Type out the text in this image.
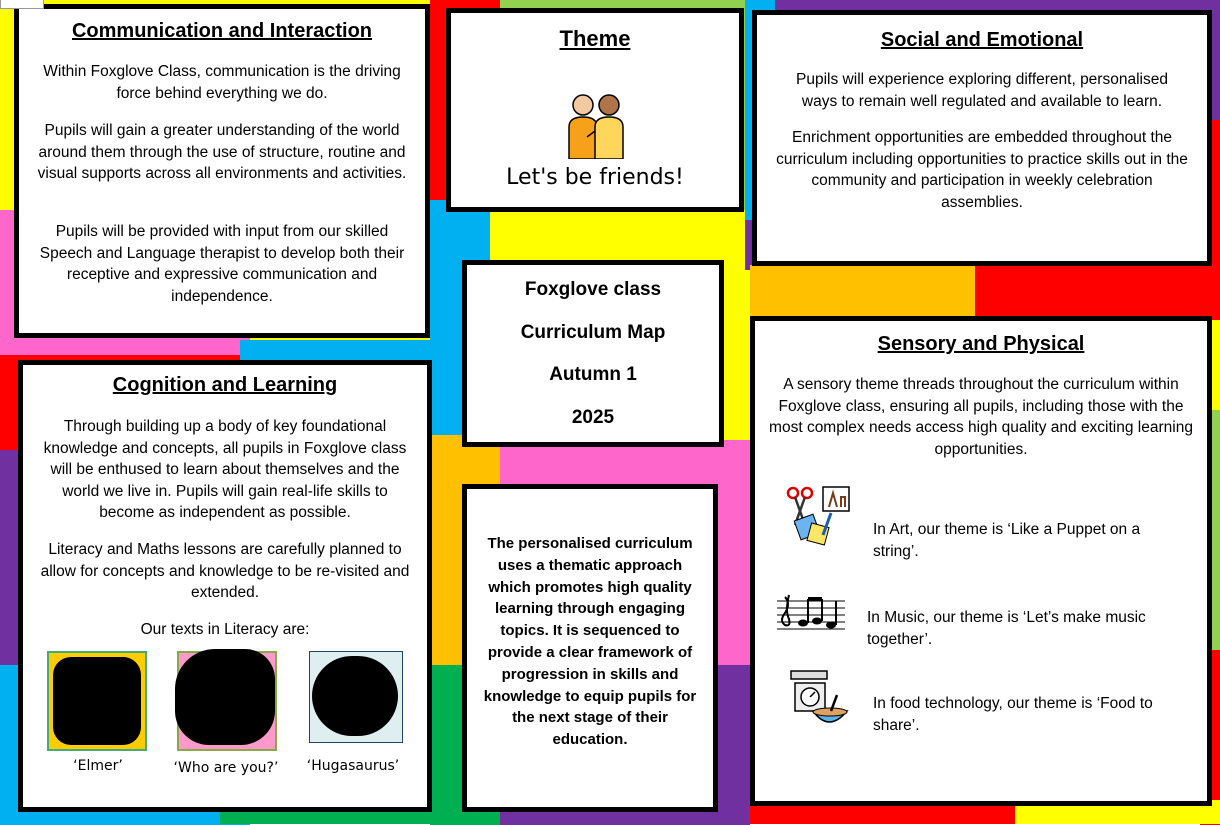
Communication and Interaction

Within Foxglove Class, communication is the driving force behind everything we do.

Pupils will gain a greater understanding of the world around them through the use of structure, routine and visual supports across all environments and activities.

Pupils will be provided with input from our skilled Speech and Language therapist to develop both their receptive and expressive communication and independence.

Theme

Let's be friends!

Social and Emotional

Pupils will experience exploring different, personalised ways to remain well regulated and available to learn.

Enrichment opportunities are embedded throughout the curriculum including opportunities to practice skills out in the community and participation in weekly celebration assemblies.

Foxglove class
Curriculum Map
Autumn 1
2025

Sensory and Physical

A sensory theme threads throughout the curriculum within Foxglove class, ensuring all pupils, including those with the most complex needs access high quality and exciting learning opportunities.

In Art, our theme is ‘Like a Puppet on a string’.
In Music, our theme is ‘Let’s make music together’.
In food technology, our theme is ‘Food to share’.

Cognition and Learning

Through building up a body of key foundational knowledge and concepts, all pupils in Foxglove class will be enthused to learn about themselves and the world we live in. Pupils will gain real-life skills to become as independent as possible.

Literacy and Maths lessons are carefully planned to allow for concepts and knowledge to be re-visited and extended.

Our texts in Literacy are:

‘Elmer’	‘Who are you?’	‘Hugasaurus’

The personalised curriculum uses a thematic approach which promotes high quality learning through engaging topics. It is sequenced to provide a clear framework of progression in skills and knowledge to equip pupils for the next stage of their education.
